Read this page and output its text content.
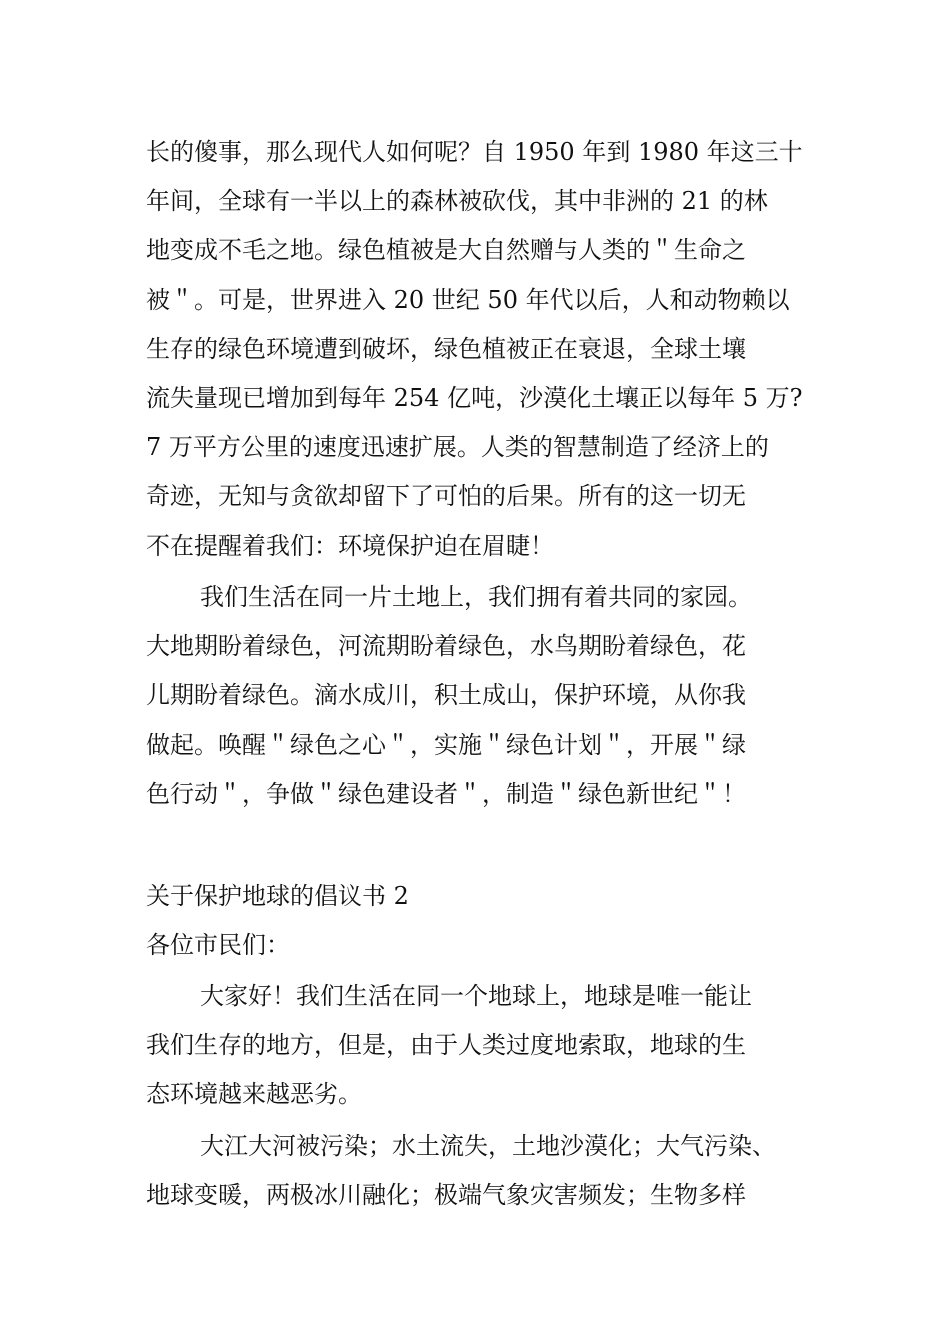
长的傻事，那么现代人如何呢？自 1950 年到 1980 年这三十
年间，全球有一半以上的森林被砍伐，其中非洲的 21 的林
地变成不毛之地。绿色植被是大自然赠与人类的＂生命之
被＂。可是，世界进入 20 世纪 50 年代以后，人和动物赖以
生存的绿色环境遭到破坏，绿色植被正在衰退，全球土壤
流失量现已增加到每年 254 亿吨，沙漠化土壤正以每年 5 万?
7 万平方公里的速度迅速扩展。人类的智慧制造了经济上的
奇迹，无知与贪欲却留下了可怕的后果。所有的这一切无
不在提醒着我们：环境保护迫在眉睫！
我们生活在同一片土地上，我们拥有着共同的家园。
大地期盼着绿色，河流期盼着绿色，水鸟期盼着绿色，花
儿期盼着绿色。滴水成川，积土成山，保护环境，从你我
做起。唤醒＂绿色之心＂，实施＂绿色计划＂，开展＂绿
色行动＂，争做＂绿色建设者＂，制造＂绿色新世纪＂！
关于保护地球的倡议书 2
各位市民们：
大家好！我们生活在同一个地球上，地球是唯一能让
我们生存的地方，但是，由于人类过度地索取，地球的生
态环境越来越恶劣。
大江大河被污染；水土流失，土地沙漠化；大气污染、
地球变暖，两极冰川融化；极端气象灾害频发；生物多样
